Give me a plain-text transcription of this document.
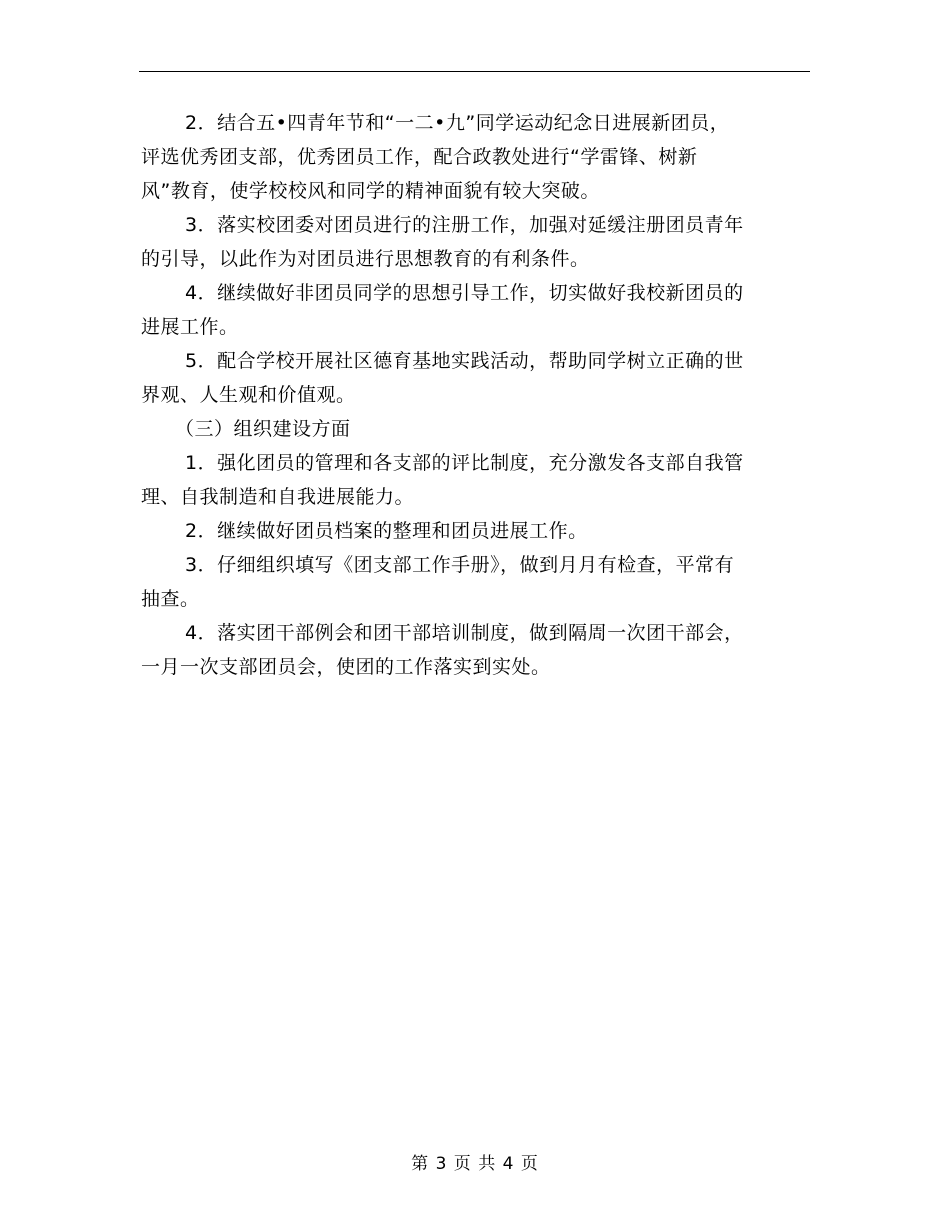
2．结合五•四青年节和“一二•九”同学运动纪念日进展新团员，
评选优秀团支部，优秀团员工作，配合政教处进行“学雷锋、树新
风”教育，使学校校风和同学的精神面貌有较大突破。
3．落实校团委对团员进行的注册工作，加强对延缓注册团员青年
的引导，以此作为对团员进行思想教育的有利条件。
4．继续做好非团员同学的思想引导工作，切实做好我校新团员的
进展工作。
5．配合学校开展社区德育基地实践活动，帮助同学树立正确的世
界观、人生观和价值观。
（三）组织建设方面
1．强化团员的管理和各支部的评比制度，充分激发各支部自我管
理、自我制造和自我进展能力。
2．继续做好团员档案的整理和团员进展工作。
3．仔细组织填写《团支部工作手册》，做到月月有检查，平常有
抽查。
4．落实团干部例会和团干部培训制度，做到隔周一次团干部会，
一月一次支部团员会，使团的工作落实到实处。
第 3 页 共 4 页
